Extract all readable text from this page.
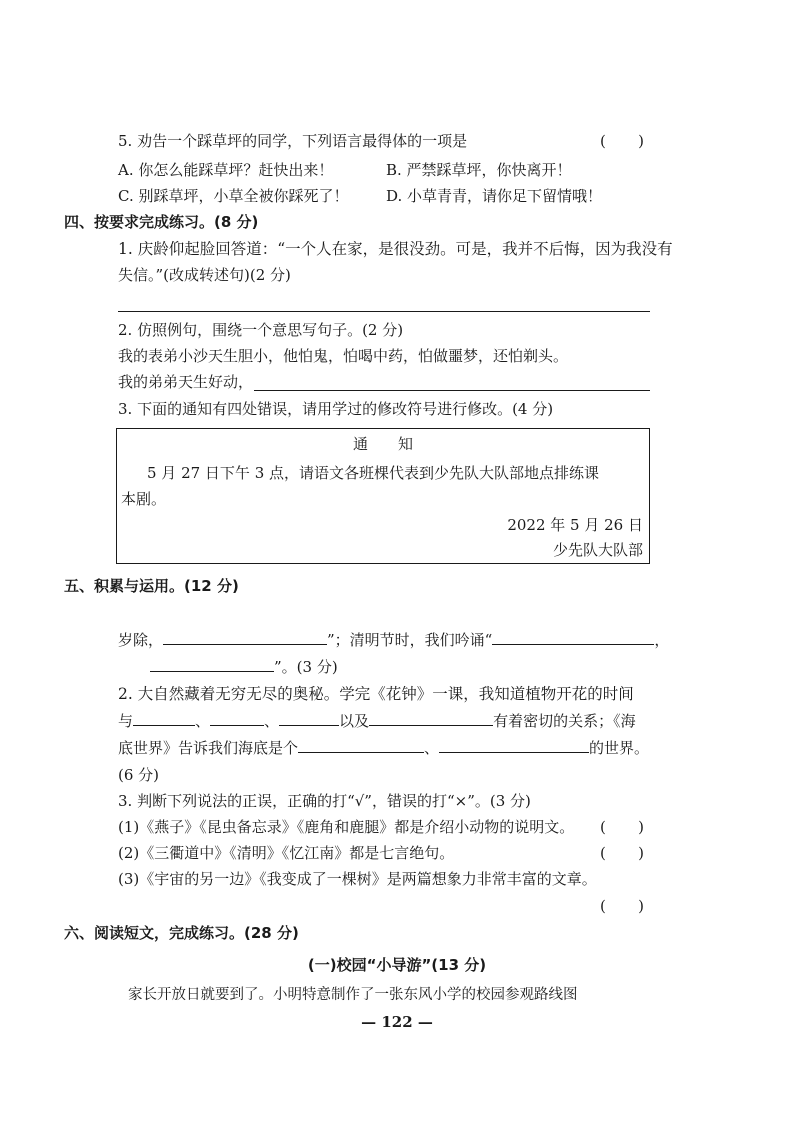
5. 劝告一个踩草坪的同学，下列语言最得体的一项是	( )
A. 你怎么能踩草坪？赶快出来！	B. 严禁踩草坪，你快离开！
C. 别踩草坪，小草全被你踩死了！	D. 小草青青，请你足下留情哦！
四、按要求完成练习。(8 分)
1. 庆龄仰起脸回答道：“一个人在家，是很没劲。可是，我并不后悔，因为我没有
失信。”(改成转述句)(2 分)
2. 仿照例句，围绕一个意思写句子。(2 分)
我的表弟小沙天生胆小，他怕鬼，怕喝中药，怕做噩梦，还怕剃头。
我的弟弟天生好动，
3. 下面的通知有四处错误，请用学过的修改符号进行修改。(4 分)
通　　知
5 月 27 日下午 3 点，请语文各班棵代表到少先队大队部地点排练课
本剧。
2022 年 5 月 26 日
少先队大队部
五、积累与运用。(12 分)
岁除，	”；清明节时，我们吟诵“	，
”。(3 分)
2. 大自然藏着无穷无尽的奥秘。学完《花钟》一课，我知道植物开花的时间
与	、	、	以及	有着密切的关系；《海
底世界》告诉我们海底是个	、	的世界。
(6 分)
3. 判断下列说法的正误，正确的打“√”，错误的打“×”。(3 分)
(1)《燕子》《昆虫备忘录》《鹿角和鹿腿》都是介绍小动物的说明文。 ( )
(2)《三衢道中》《清明》《忆江南》都是七言绝句。	( )
(3)《宇宙的另一边》《我变成了一棵树》是两篇想象力非常丰富的文章。
( )
六、阅读短文，完成练习。(28 分)
(一)校园“小导游”(13 分)
家长开放日就要到了。小明特意制作了一张东风小学的校园参观路线图
— 122 —
